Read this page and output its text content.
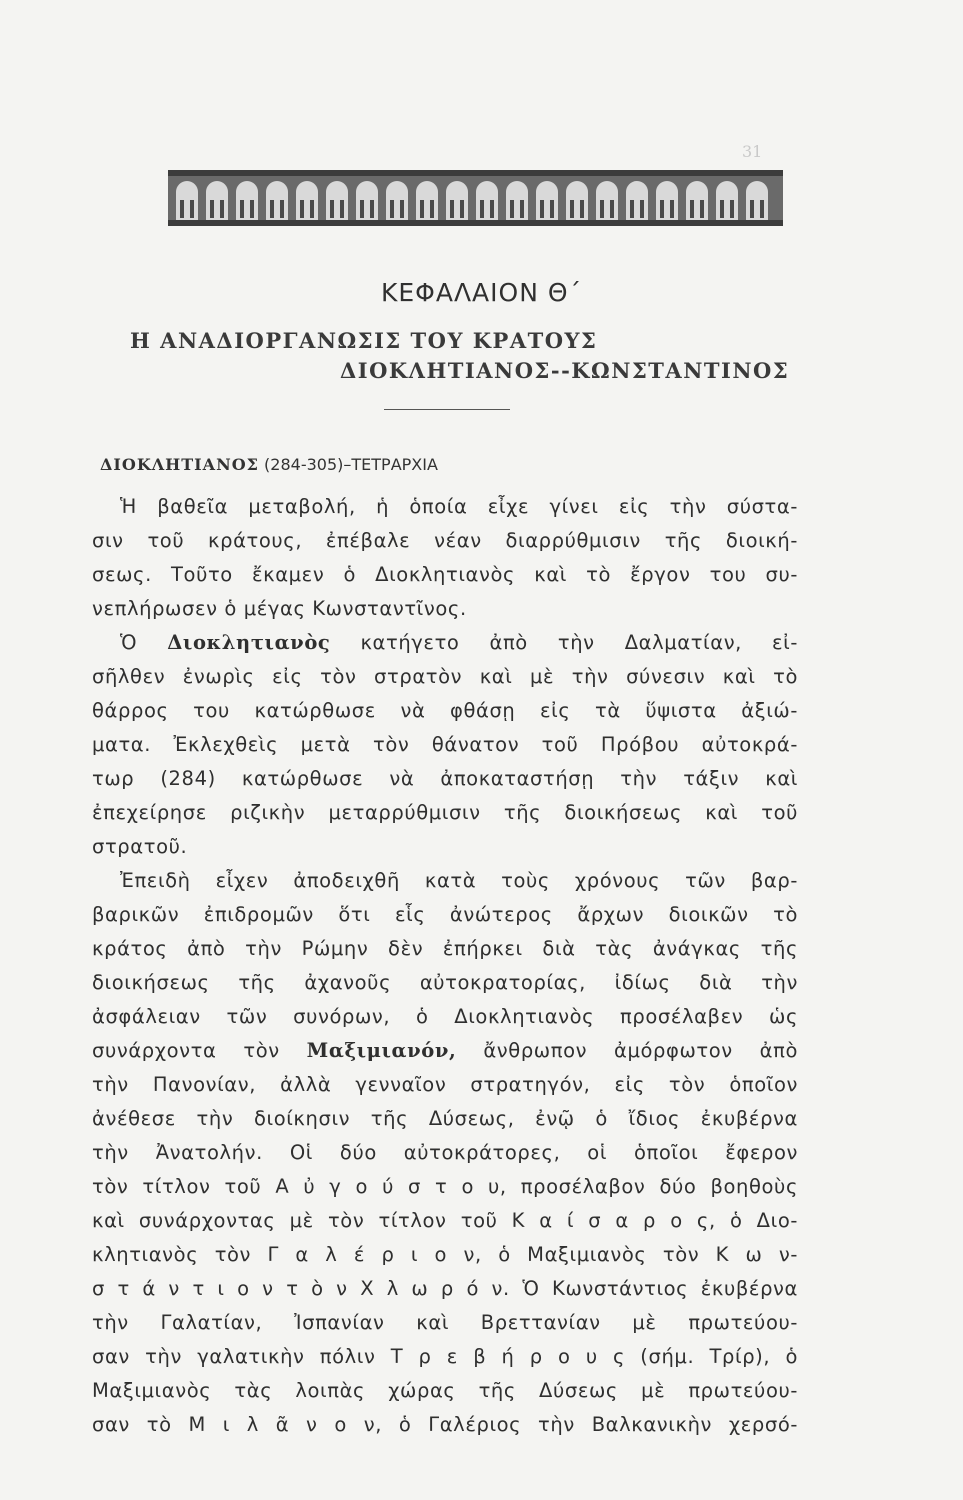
31
ΚΕΦΑΛΑΙΟΝ Θ΄
Η ΑΝΑΔΙΟΡΓΑΝΩΣΙΣ ΤΟΥ ΚΡΑΤΟΥΣ
ΔΙΟΚΛΗΤΙΑΝΟΣ--ΚΩΝΣΤΑΝΤΙΝΟΣ
ΔΙΟΚΛΗΤΙΑΝΟΣ (284-305)–ΤΕΤΡΑΡΧΙΑ
Ἡ βαθεῖα μεταβολή, ἡ ὁποία εἶχε γίνει εἰς τὴν σύστα-
σιν τοῦ κράτους, ἐπέβαλε νέαν διαρρύθμισιν τῆς διοική-
σεως. Τοῦτο ἔκαμεν ὁ Διοκλητιανὸς καὶ τὸ ἔργον του συ-
νεπλήρωσεν ὁ μέγας Κωνσταντῖνος.
Ὁ Διοκλητιανὸς κατήγετο ἀπὸ τὴν Δαλματίαν, εἰ-
σῆλθεν ἐνωρὶς εἰς τὸν στρατὸν καὶ μὲ τὴν σύνεσιν καὶ τὸ
θάρρος του κατώρθωσε νὰ φθάσῃ εἰς τὰ ὕψιστα ἀξιώ-
ματα. Ἐκλεχθεὶς μετὰ τὸν θάνατον τοῦ Πρόβου αὐτοκρά-
τωρ (284) κατώρθωσε νὰ ἀποκαταστήσῃ τὴν τάξιν καὶ
ἐπεχείρησε ριζικὴν μεταρρύθμισιν τῆς διοικήσεως καὶ τοῦ
στρατοῦ.
Ἐπειδὴ εἶχεν ἀποδειχθῆ κατὰ τοὺς χρόνους τῶν βαρ-
βαρικῶν ἐπιδρομῶν ὅτι εἷς ἀνώτερος ἄρχων διοικῶν τὸ
κράτος ἀπὸ τὴν Ρώμην δὲν ἐπήρκει διὰ τὰς ἀνάγκας τῆς
διοικήσεως τῆς ἀχανοῦς αὐτοκρατορίας, ἰδίως διὰ τὴν
ἀσφάλειαν τῶν συνόρων, ὁ Διοκλητιανὸς προσέλαβεν ὡς
συνάρχοντα τὸν Μαξιμιανόν, ἄνθρωπον ἀμόρφωτον ἀπὸ
τὴν Πανονίαν, ἀλλὰ γενναῖον στρατηγόν, εἰς τὸν ὁποῖον
ἀνέθεσε τὴν διοίκησιν τῆς Δύσεως, ἐνῷ ὁ ἴδιος ἐκυβέρνα
τὴν Ἀνατολήν. Οἱ δύο αὐτοκράτορες, οἱ ὁποῖοι ἔφερον
τὸν τίτλον τοῦ Α ὐ γ ο ύ σ τ ο υ, προσέλαβον δύο βοηθοὺς
καὶ συνάρχοντας μὲ τὸν τίτλον τοῦ Κ α ί σ α ρ ο ς, ὁ Διο-
κλητιανὸς τὸν Γ α λ έ ρ ι ο ν, ὁ Μαξιμιανὸς τὸν Κ ω ν-
σ τ ά ν τ ι ο ν τ ὸ ν Χ λ ω ρ ό ν. Ὁ Κωνστάντιος ἐκυβέρνα
τὴν Γαλατίαν, Ἰσπανίαν καὶ Βρεττανίαν μὲ πρωτεύου-
σαν τὴν γαλατικὴν πόλιν Τ ρ ε β ή ρ ο υ ς (σήμ. Τρίρ), ὁ
Μαξιμιανὸς τὰς λοιπὰς χώρας τῆς Δύσεως μὲ πρωτεύου-
σαν τὸ Μ ι λ ᾶ ν ο ν, ὁ Γαλέριος τὴν Βαλκανικὴν χερσό-
